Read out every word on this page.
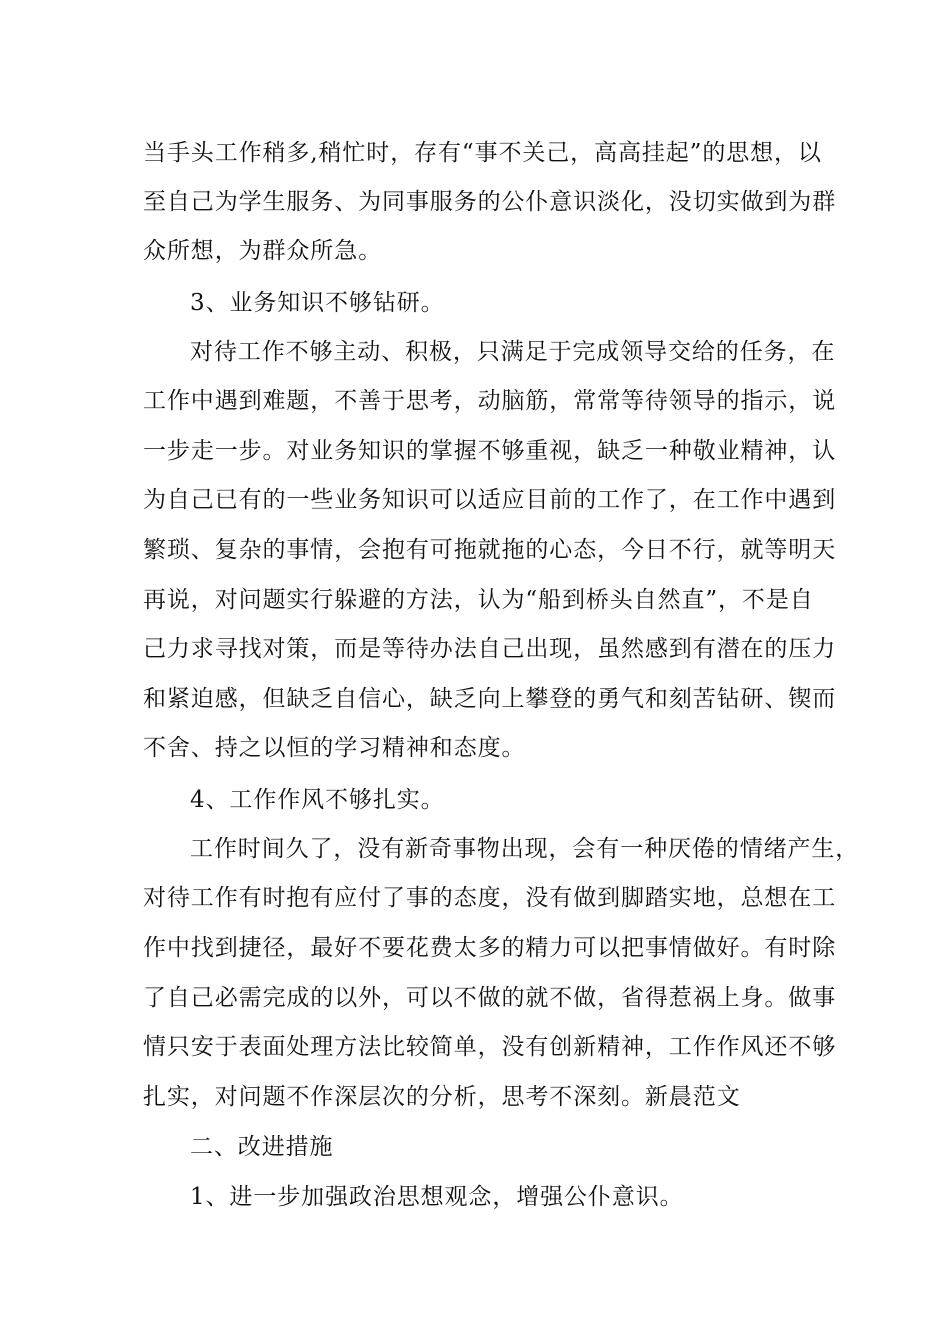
当手头工作稍多,稍忙时，存有“事不关己，高高挂起”的思想，以
至自己为学生服务、为同事服务的公仆意识淡化，没切实做到为群
众所想，为群众所急。
3、业务知识不够钻研。
对待工作不够主动、积极，只满足于完成领导交给的任务，在
工作中遇到难题，不善于思考，动脑筋，常常等待领导的指示，说
一步走一步。对业务知识的掌握不够重视，缺乏一种敬业精神，认
为自己已有的一些业务知识可以适应目前的工作了，在工作中遇到
繁琐、复杂的事情，会抱有可拖就拖的心态，今日不行，就等明天
再说，对问题实行躲避的方法，认为“船到桥头自然直”，不是自
己力求寻找对策，而是等待办法自己出现，虽然感到有潜在的压力
和紧迫感，但缺乏自信心，缺乏向上攀登的勇气和刻苦钻研、锲而
不舍、持之以恒的学习精神和态度。
4、工作作风不够扎实。
工作时间久了，没有新奇事物出现，会有一种厌倦的情绪产生，
对待工作有时抱有应付了事的态度，没有做到脚踏实地，总想在工
作中找到捷径，最好不要花费太多的精力可以把事情做好。有时除
了自己必需完成的以外，可以不做的就不做，省得惹祸上身。做事
情只安于表面处理方法比较简单，没有创新精神，工作作风还不够
扎实，对问题不作深层次的分析，思考不深刻。新晨范文
二、改进措施
1、进一步加强政治思想观念，增强公仆意识。
